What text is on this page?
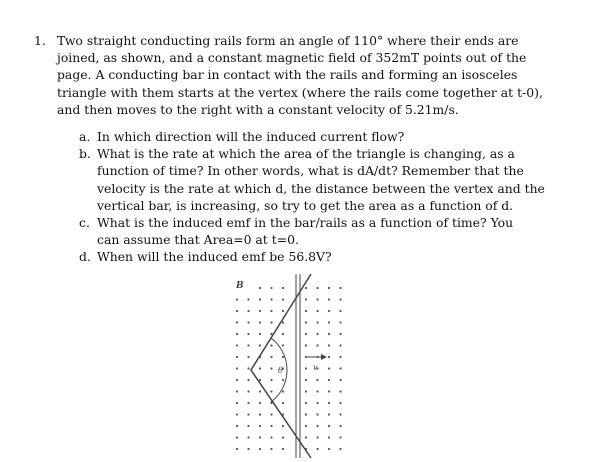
1. Two straight conducting rails form an angle of 110° where their ends are
joined, as shown, and a constant magnetic field of 352mT points out of the
page. A conducting bar in contact with the rails and forming an isosceles
triangle with them starts at the vertex (where the rails come together at t-0),
and then moves to the right with a constant velocity of 5.21m/s.
a. In which direction will the induced current flow?
b. What is the rate at which the area of the triangle is changing, as a
function of time? In other words, what is dA/dt? Remember that the
velocity is the rate at which d, the distance between the vertex and the
vertical bar, is increasing, so try to get the area as a function of d.
c. What is the induced emf in the bar/rails as a function of time? You
can assume that Area=0 at t=0.
d. When will the induced emf be 56.8V?
B
θ	v
